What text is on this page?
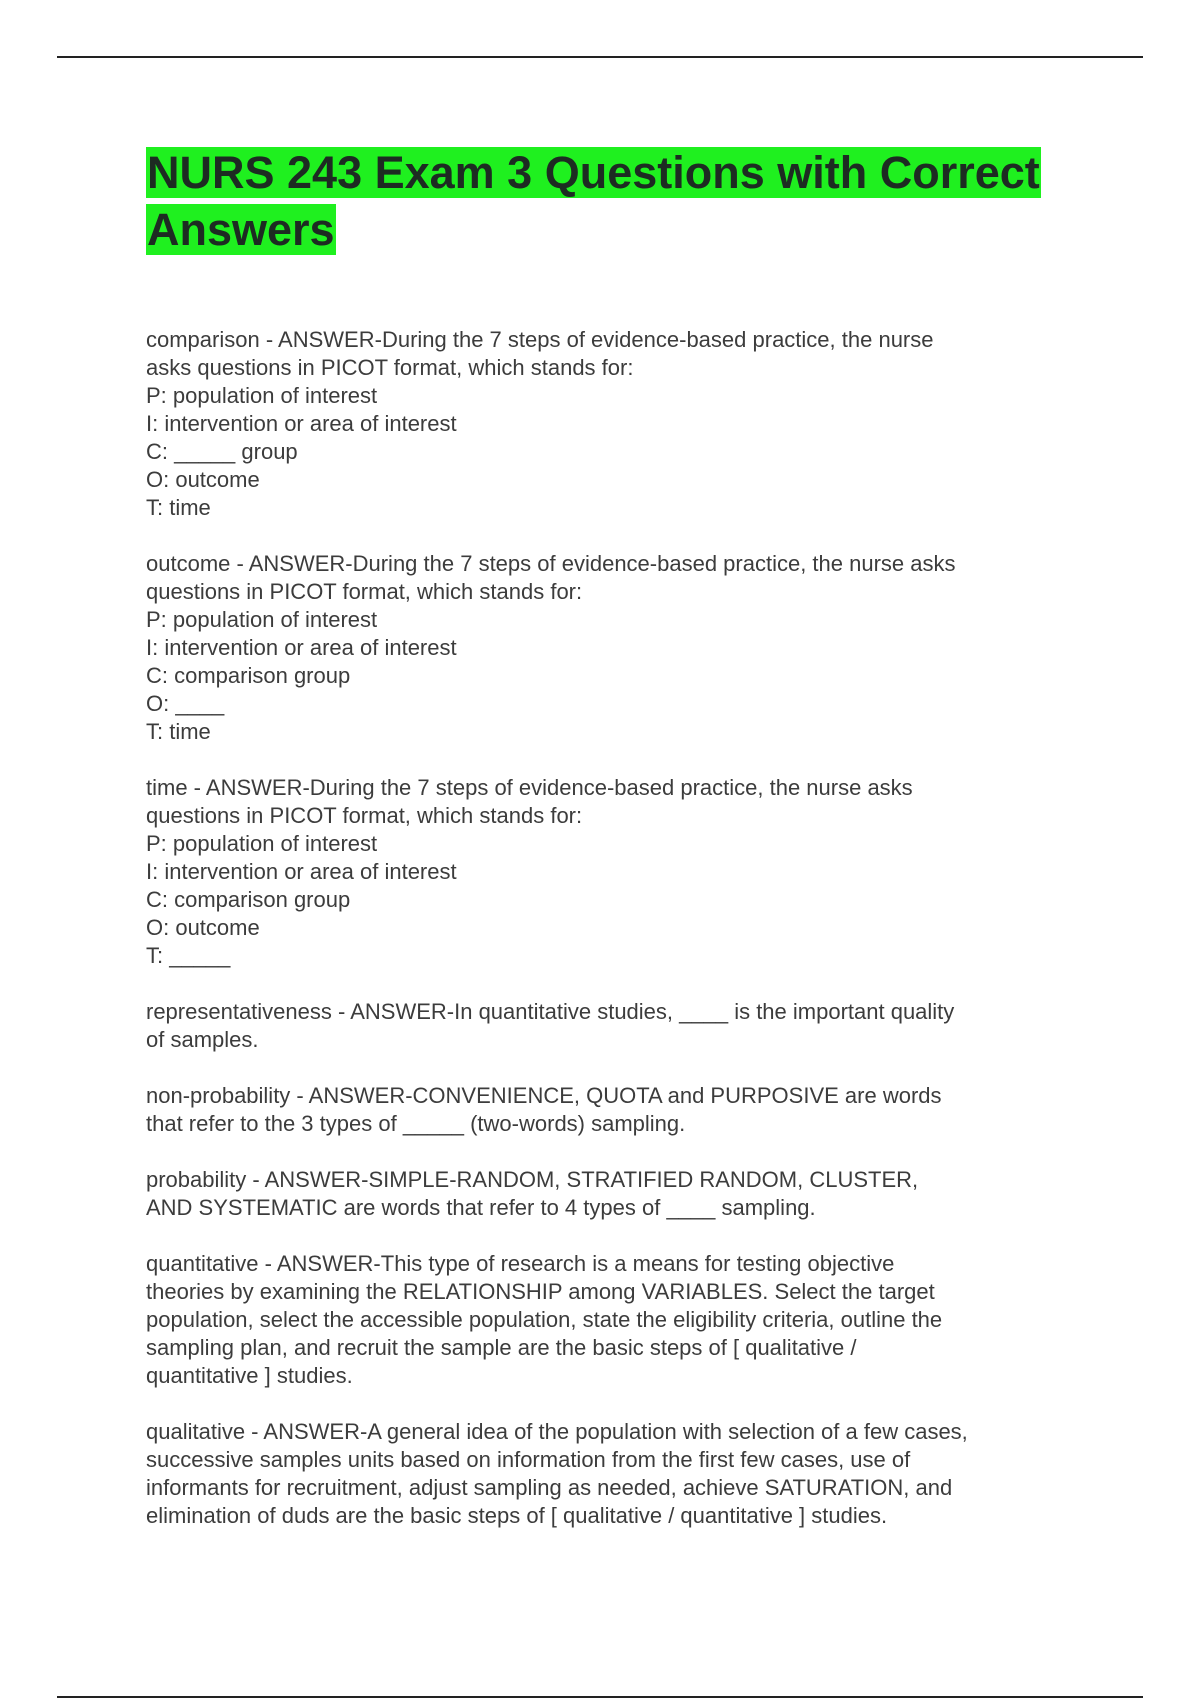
NURS 243 Exam 3 Questions with Correct Answers

comparison - ANSWER-During the 7 steps of evidence-based practice, the nurse
asks questions in PICOT format, which stands for:
P: population of interest
I: intervention or area of interest
C: _____ group
O: outcome
T: time

outcome - ANSWER-During the 7 steps of evidence-based practice, the nurse asks
questions in PICOT format, which stands for:
P: population of interest
I: intervention or area of interest
C: comparison group
O: ____
T: time

time - ANSWER-During the 7 steps of evidence-based practice, the nurse asks
questions in PICOT format, which stands for:
P: population of interest
I: intervention or area of interest
C: comparison group
O: outcome
T: _____

representativeness - ANSWER-In quantitative studies, ____ is the important quality
of samples.

non-probability - ANSWER-CONVENIENCE, QUOTA and PURPOSIVE are words
that refer to the 3 types of _____ (two-words) sampling.

probability - ANSWER-SIMPLE-RANDOM, STRATIFIED RANDOM, CLUSTER,
AND SYSTEMATIC are words that refer to 4 types of ____ sampling.

quantitative - ANSWER-This type of research is a means for testing objective
theories by examining the RELATIONSHIP among VARIABLES. Select the target
population, select the accessible population, state the eligibility criteria, outline the
sampling plan, and recruit the sample are the basic steps of [ qualitative /
quantitative ] studies.

qualitative - ANSWER-A general idea of the population with selection of a few cases,
successive samples units based on information from the first few cases, use of
informants for recruitment, adjust sampling as needed, achieve SATURATION, and
elimination of duds are the basic steps of [ qualitative / quantitative ] studies.
